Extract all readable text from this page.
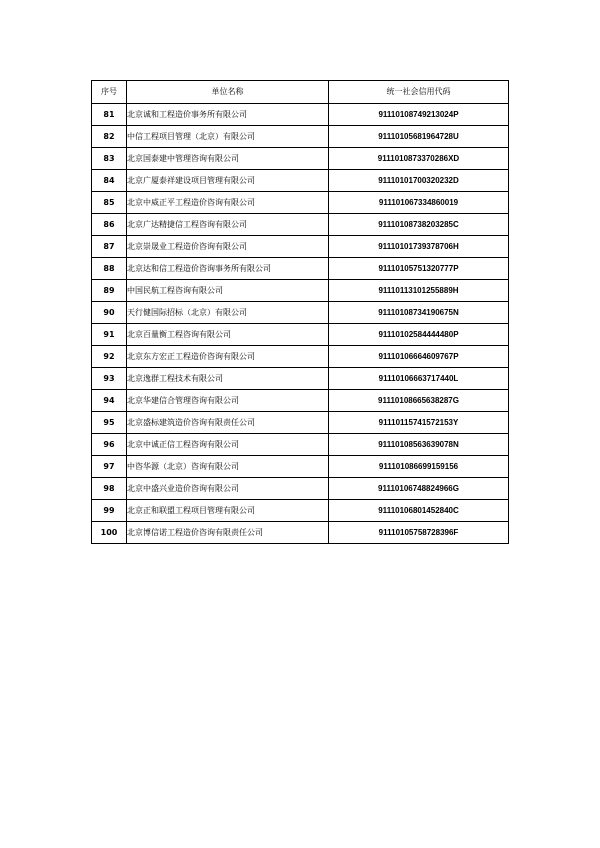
序号	单位名称	统一社会信用代码
81	北京诚和工程造价事务所有限公司	91110108749213024P
82	中信工程项目管理（北京）有限公司	91110105681964728U
83	北京国泰建中管理咨询有限公司	9111010873370286XD
84	北京广厦泰祥建设项目管理有限公司	91110101700320232D
85	北京中威正平工程造价咨询有限公司	911101067334860019
86	北京广达精捷信工程咨询有限公司	91110108738203285C
87	北京崇晟业工程造价咨询有限公司	91110101739378706H
88	北京达和信工程造价咨询事务所有限公司	91110105751320777P
89	中国民航工程咨询有限公司	91110113101255889H
90	天行健国际招标（北京）有限公司	91110108734190675N
91	北京百量衡工程咨询有限公司	91110102584444480P
92	北京东方宏正工程造价咨询有限公司	91110106664609767P
93	北京逸群工程技术有限公司	91110106663717440L
94	北京华建信合管理咨询有限公司	91110108665638287G
95	北京盛标建筑造价咨询有限责任公司	91110115741572153Y
96	北京中诚正信工程咨询有限公司	91110108563639078N
97	中咨华源（北京）咨询有限公司	911101086699159156
98	北京中盛兴业造价咨询有限公司	91110106748824966G
99	北京正和联盟工程项目管理有限公司	91110106801452840C
100	北京博信诺工程造价咨询有限责任公司	91110105758728396F
